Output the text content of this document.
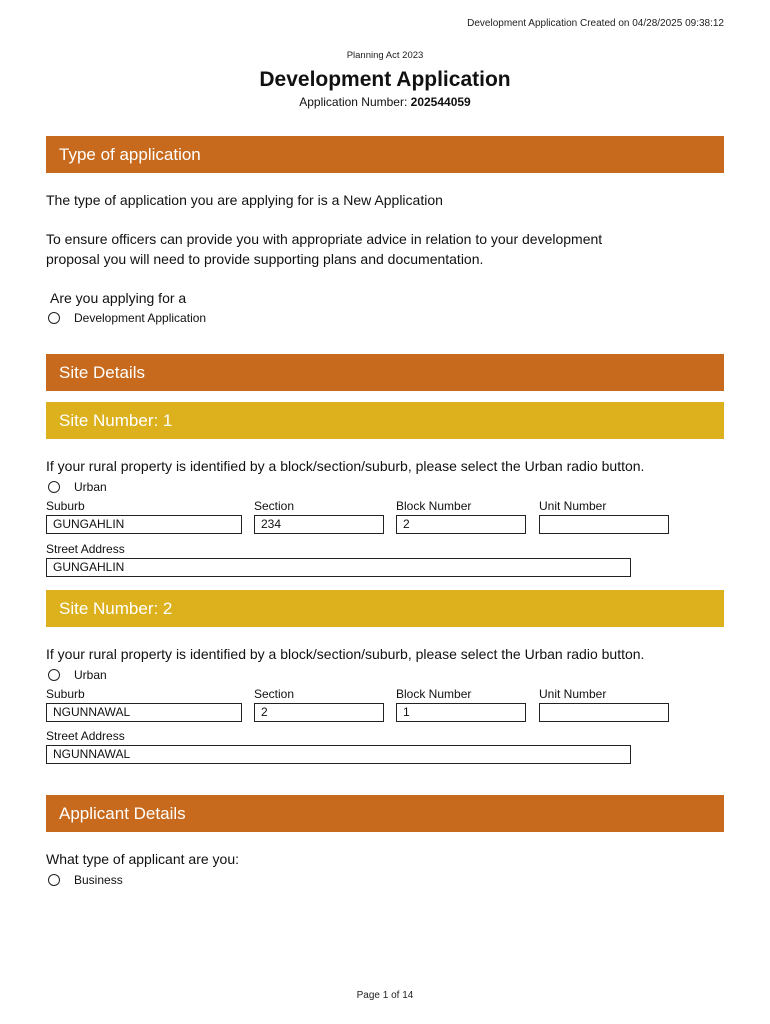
Development Application Created on 04/28/2025 09:38:12
Planning Act 2023
Development Application
Application Number: 202544059
Type of application
The type of application you are applying for is a New Application
To ensure officers can provide you with appropriate advice in relation to your development
proposal you will need to provide supporting plans and documentation.
Are you applying for a
Development Application
Site Details
Site Number: 1
If your rural property is identified by a block/section/suburb, please select the Urban radio button.
Urban
Suburb	Section	Block Number	Unit Number
GUNGAHLIN	234	2
Street Address
GUNGAHLIN
Site Number: 2
If your rural property is identified by a block/section/suburb, please select the Urban radio button.
Urban
Suburb	Section	Block Number	Unit Number
NGUNNAWAL	2	1
Street Address
NGUNNAWAL
Applicant Details
What type of applicant are you:
Business
Page 1 of 14
